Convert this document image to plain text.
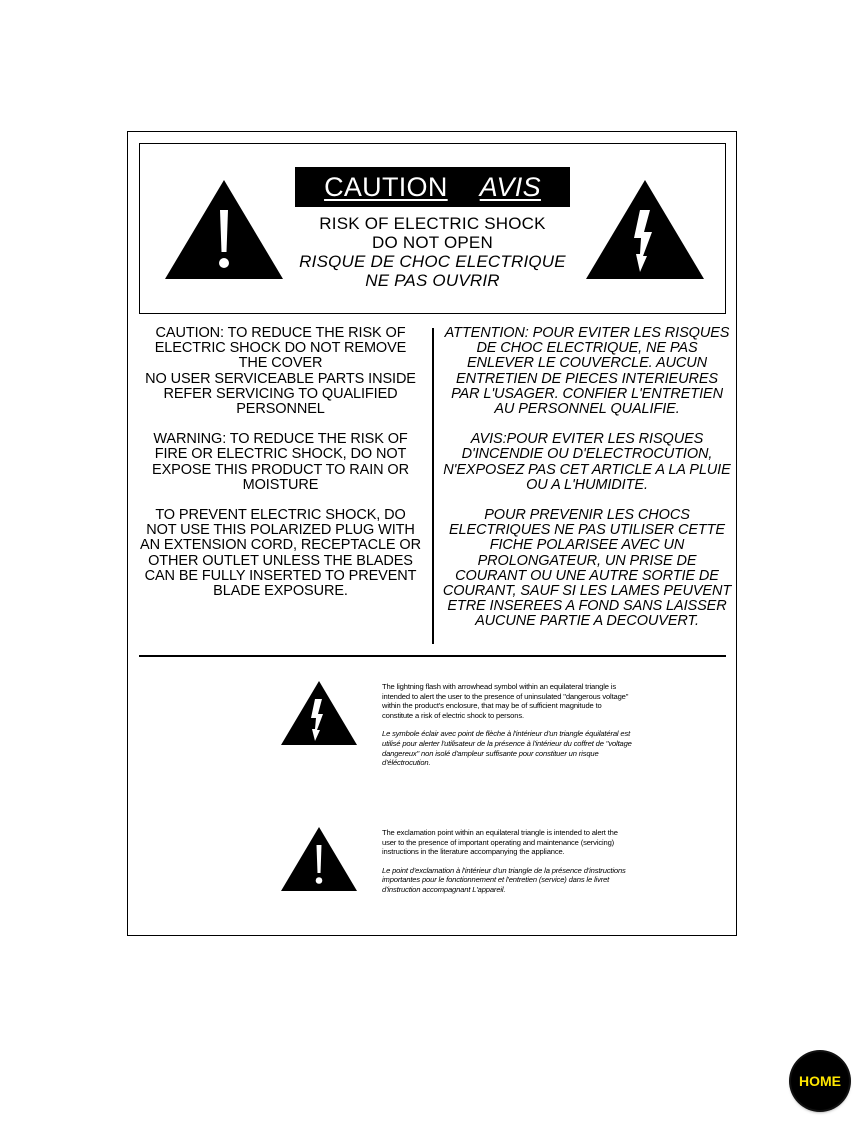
CAUTION AVIS
RISK OF ELECTRIC SHOCK
DO NOT OPEN
RISQUE DE CHOC ELECTRIQUE
NE PAS OUVRIR

CAUTION: TO REDUCE THE RISK OF ELECTRIC SHOCK DO NOT REMOVE THE COVER

NO USER SERVICEABLE PARTS INSIDE REFER SERVICING TO QUALIFIED PERSONNEL

WARNING: TO REDUCE THE RISK OF FIRE OR ELECTRIC SHOCK, DO NOT EXPOSE THIS PRODUCT TO RAIN OR MOISTURE

TO PREVENT ELECTRIC SHOCK, DO NOT USE THIS POLARIZED PLUG WITH AN EXTENSION CORD, RECEPTACLE OR OTHER OUTLET UNLESS THE BLADES CAN BE FULLY INSERTED TO PREVENT BLADE EXPOSURE.

ATTENTION: POUR EVITER LES RISQUES DE CHOC ELECTRIQUE, NE PAS ENLEVER LE COUVERCLE. AUCUN ENTRETIEN DE PIECES INTERIEURES PAR L'USAGER. CONFIER L'ENTRETIEN AU PERSONNEL QUALIFIE.

AVIS:POUR EVITER LES RISQUES D'INCENDIE OU D'ELECTROCUTION, N'EXPOSEZ PAS CET ARTICLE A LA PLUIE OU A L'HUMIDITE.

POUR PREVENIR LES CHOCS ELECTRIQUES NE PAS UTILISER CETTE FICHE POLARISEE AVEC UN PROLONGATEUR, UN PRISE DE COURANT OU UNE AUTRE SORTIE DE COURANT, SAUF SI LES LAMES PEUVENT ETRE INSEREES A FOND SANS LAISSER AUCUNE PARTIE A DECOUVERT.

The lightning flash with arrowhead symbol within an equilateral triangle is intended to alert the user to the presence of uninsulated "dangerous voltage" within the product's enclosure, that may be of sufficient magnitude to constitute a risk of electric shock to persons.

Le symbole éclair avec point de flèche à l'intérieur d'un triangle équilatéral est utilisé pour alerter l'utilisateur de la présence à l'intérieur du coffret de "voltage dangereux" non isolé d'ampleur suffisante pour constituer un risque d'éléctrocution.

The exclamation point within an equilateral triangle is intended to alert the user to the presence of important operating and maintenance (servicing) instructions in the literature accompanying the appliance.

Le point d'exclamation à l'intérieur d'un triangle de la présence d'instructions importantes pour le fonctionnement et l'entretien (service) dans le livret d'instruction accompagnant L'appareil.

HOME
